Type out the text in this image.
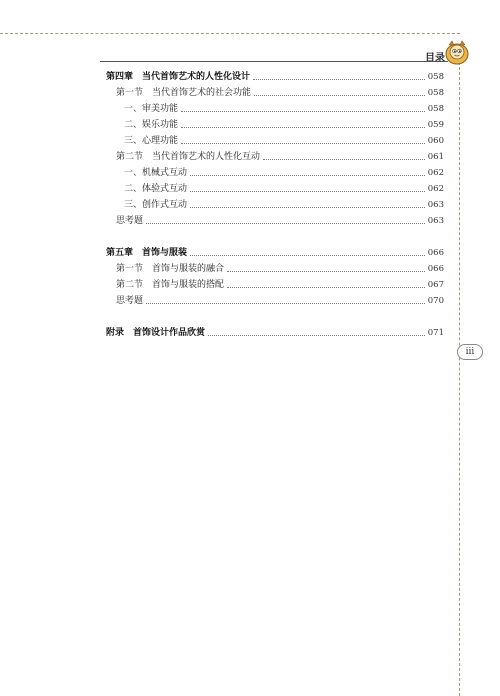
目录
第四章　当代首饰艺术的人性化设计	058
第一节　当代首饰艺术的社会功能	058
一、审美功能	058
二、娱乐功能	059
三、心理功能	060
第二节　当代首饰艺术的人性化互动	061
一、机械式互动	062
二、体验式互动	062
三、创作式互动	063
思考题	063
第五章　首饰与服装	066
第一节　首饰与服装的融合	066
第二节　首饰与服装的搭配	067
思考题	070
附录　首饰设计作品欣赏	071
iii
